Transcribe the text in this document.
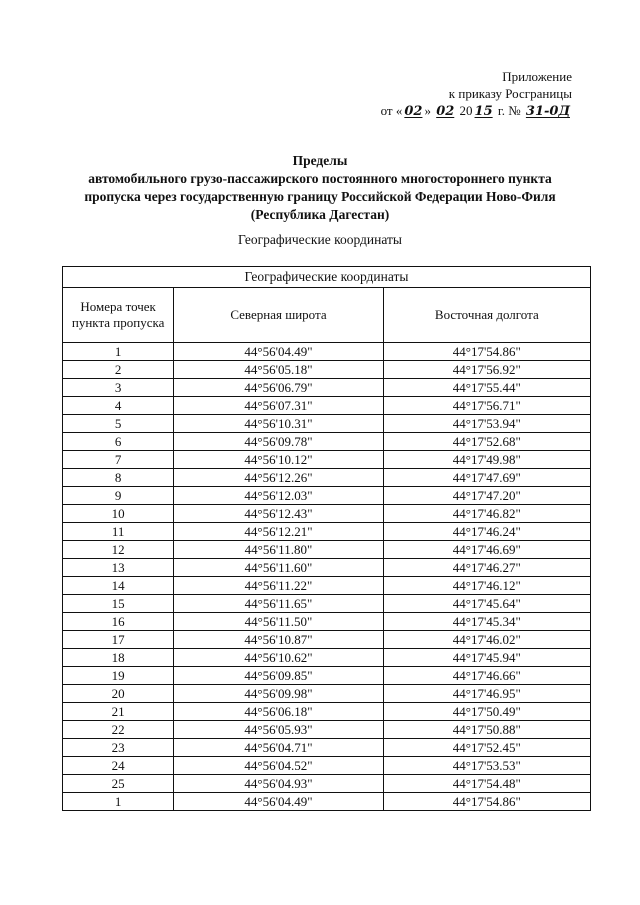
Приложение
к приказу Росграницы
от « 02 » 02 20 15 г. № 31-0Д
Пределы
автомобильного грузо-пассажирского постоянного многостороннего пункта
пропуска через государственную границу Российской Федерации Ново-Филя
(Республика Дагестан)
Географические координаты
Географические координаты		
Номера точек пункта пропуска	Северная широта	Восточная долгота
1	44°56'04.49"	44°17'54.86"
2	44°56'05.18"	44°17'56.92"
3	44°56'06.79"	44°17'55.44"
4	44°56'07.31"	44°17'56.71"
5	44°56'10.31"	44°17'53.94"
6	44°56'09.78"	44°17'52.68"
7	44°56'10.12"	44°17'49.98"
8	44°56'12.26"	44°17'47.69"
9	44°56'12.03"	44°17'47.20"
10	44°56'12.43"	44°17'46.82"
11	44°56'12.21"	44°17'46.24"
12	44°56'11.80"	44°17'46.69"
13	44°56'11.60"	44°17'46.27"
14	44°56'11.22"	44°17'46.12"
15	44°56'11.65"	44°17'45.64"
16	44°56'11.50"	44°17'45.34"
17	44°56'10.87"	44°17'46.02"
18	44°56'10.62"	44°17'45.94"
19	44°56'09.85"	44°17'46.66"
20	44°56'09.98"	44°17'46.95"
21	44°56'06.18"	44°17'50.49"
22	44°56'05.93"	44°17'50.88"
23	44°56'04.71"	44°17'52.45"
24	44°56'04.52"	44°17'53.53"
25	44°56'04.93"	44°17'54.48"
1	44°56'04.49"	44°17'54.86"
